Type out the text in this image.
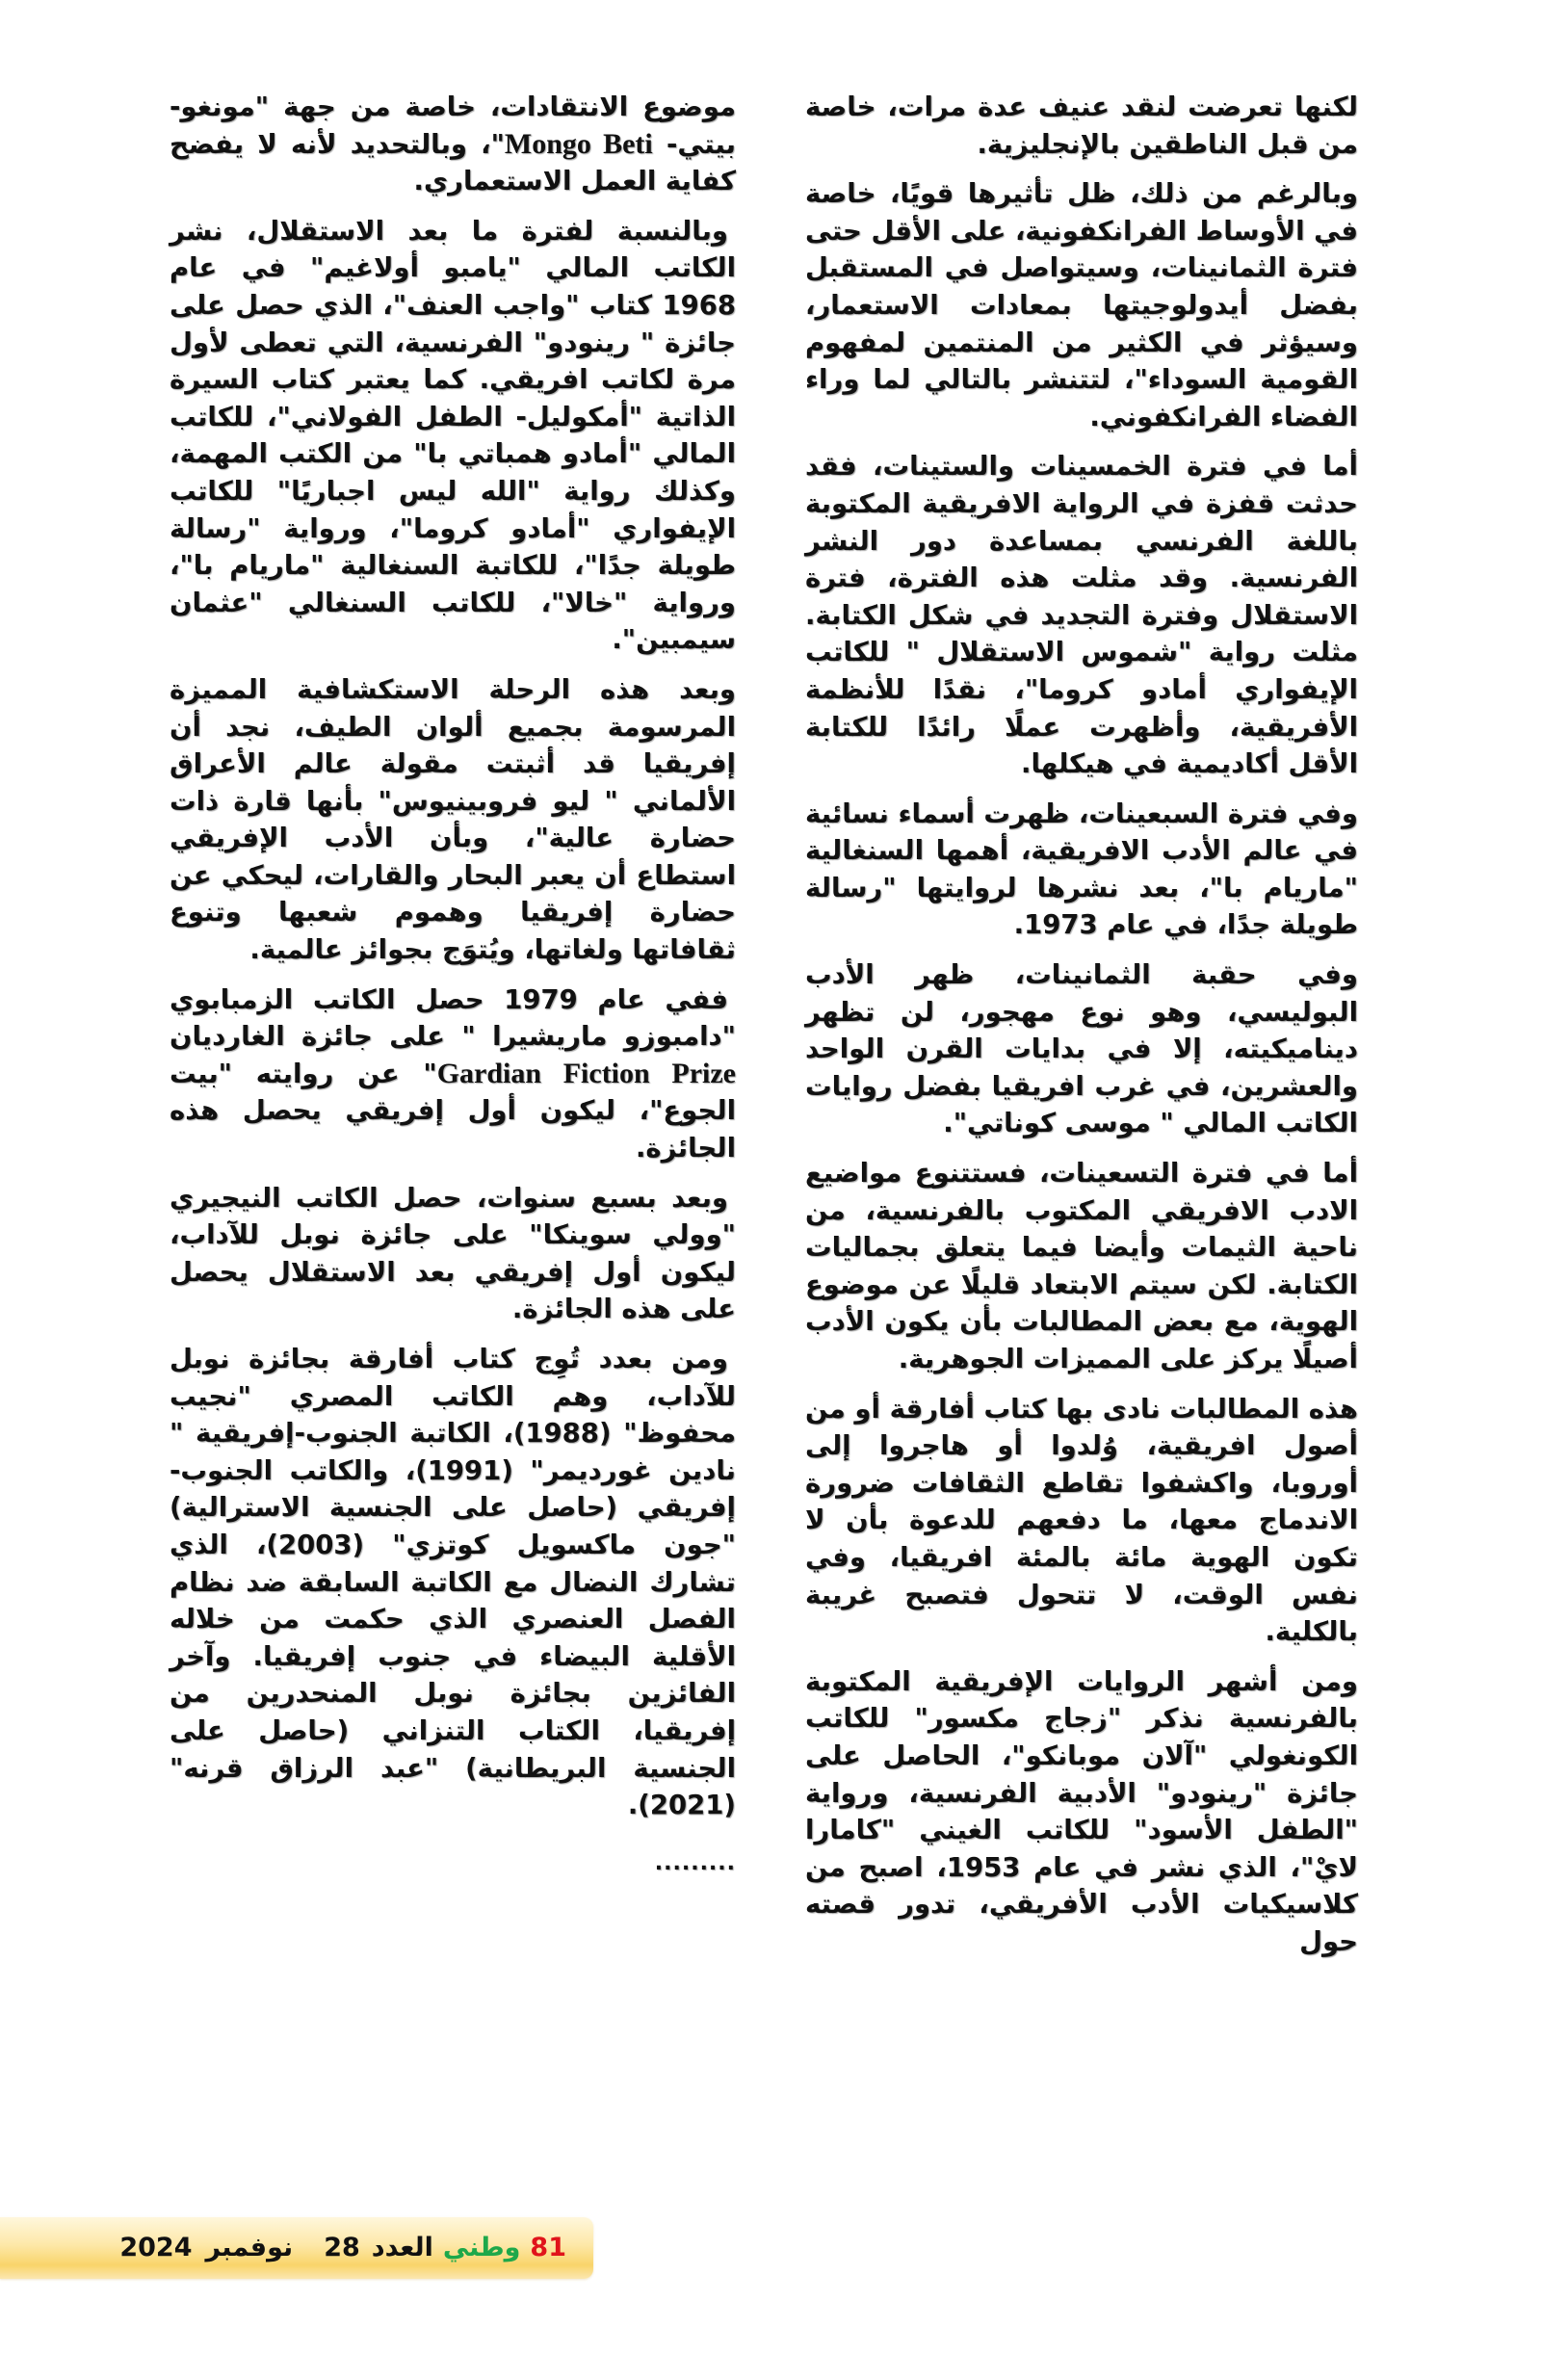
لكنها تعرضت لنقد عنيف عدة مرات، خاصة من قبل الناطقين بالإنجليزية.

وبالرغم من ذلك، ظل تأثيرها قويًا، خاصة في الأوساط الفرانكفونية، على الأقل حتى فترة الثمانينات، وسيتواصل في المستقبل بفضل أيدولوجيتها بمعادات الاستعمار، وسيؤثر في الكثير من المنتمين لمفهوم القومية السوداء"، لتتنشر بالتالي لما وراء الفضاء الفرانكفوني.

أما في فترة الخمسينات والستينات، فقد حدثت قفزة في الرواية الافريقية المكتوبة باللغة الفرنسي بمساعدة دور النشر الفرنسية. وقد مثلت هذه الفترة، فترة الاستقلال وفترة التجديد في شكل الكتابة. مثلت رواية "شموس الاستقلال " للكاتب الإيفواري أمادو كروما"، نقدًا للأنظمة الأفريقية، وأظهرت عملًا رائدًا للكتابة الأقل أكاديمية في هيكلها.

وفي فترة السبعينات، ظهرت أسماء نسائية في عالم الأدب الافريقية، أهمها السنغالية "ماريام با"، بعد نشرها لروايتها "رسالة طويلة جدًا، في عام 1973.

وفي حقبة الثمانينات، ظهر الأدب البوليسي، وهو نوع مهجور، لن تظهر ديناميكيته، إلا في بدايات القرن الواحد والعشرين، في غرب افريقيا بفضل روايات الكاتب المالي " موسى كوناتي".

أما في فترة التسعينات، فستتنوع مواضيع الادب الافريقي المكتوب بالفرنسية، من ناحية الثيمات وأيضا فيما يتعلق بجماليات الكتابة. لكن سيتم الابتعاد قليلًا عن موضوع الهوية، مع بعض المطالبات بأن يكون الأدب أصيلًا يركز على المميزات الجوهرية.

هذه المطالبات نادى بها كتاب أفارقة أو من أصول افريقية، وُلدوا أو هاجروا إلى أوروبا، واكشفوا تقاطع الثقافات ضرورة الاندماج معها، ما دفعهم للدعوة بأن لا تكون الهوية مائة بالمئة افريقيا، وفي نفس الوقت، لا تتحول فتصبح غريبة بالكلية.

ومن أشهر الروايات الإفريقية المكتوبة بالفرنسية نذكر "زجاج مكسور" للكاتب الكونغولي "آلان موبانكو"، الحاصل على جائزة "رينودو" الأدبية الفرنسية، ورواية "الطفل الأسود" للكاتب الغيني "كامارا لايْ"، الذي نشر في عام 1953، اصبح من كلاسيكيات الأدب الأفريقي، تدور قصته حول

موضوع الانتقادات، خاصة من جهة "مونغو-بيتي- Mongo Beti"، وبالتحديد لأنه لا يفضح كفاية العمل الاستعماري.

وبالنسبة لفترة ما بعد الاستقلال، نشر الكاتب المالي "يامبو أولاغيم" في عام 1968 كتاب "واجب العنف"، الذي حصل على جائزة " رينودو" الفرنسية، التي تعطى لأول مرة لكاتب افريقي. كما يعتبر كتاب السيرة الذاتية "أمكوليل- الطفل الفولاني"، للكاتب المالي "أمادو همباتي با" من الكتب المهمة، وكذلك رواية "الله ليس اجباريًا" للكاتب الإيفواري "أمادو كروما"، ورواية "رسالة طويلة جدًا"، للكاتبة السنغالية "ماريام با"، ورواية "خالا"، للكاتب السنغالي "عثمان سيمبين".

وبعد هذه الرحلة الاستكشافية المميزة المرسومة بجميع ألوان الطيف، نجد أن إفريقيا قد أثبتت مقولة عالم الأعراق الألماني " ليو فروبينيوس" بأنها قارة ذات حضارة عالية"، وبأن الأدب الإفريقي استطاع أن يعبر البحار والقارات، ليحكي عن حضارة إفريقيا وهموم شعبها وتنوع ثقافاتها ولغاتها، ويُتوَج بجوائز عالمية.

ففي عام 1979 حصل الكاتب الزمبابوي "دامبوزو ماريشيرا " على جائزة الغارديان Gardian Fiction Prize" عن روايته "بيت الجوع"، ليكون أول إفريقي يحصل هذه الجائزة.

وبعد بسبع سنوات، حصل الكاتب النيجيري "وولي سوينكا" على جائزة نوبل للآداب، ليكون أول إفريقي بعد الاستقلال يحصل على هذه الجائزة.

ومن بعدد تُوِج كتاب أفارقة بجائزة نوبل للآداب، وهم الكاتب المصري "نجيب محفوظ" (1988)، الكاتبة الجنوب-إفريقية " نادين غورديمر" (1991)، والكاتب الجنوب-إفريقي (حاصل على الجنسية الاسترالية) "جون ماكسويل كوتزي" (2003)، الذي تشارك النضال مع الكاتبة السابقة ضد نظام الفصل العنصري الذي حكمت من خلاله الأقلية البيضاء في جنوب إفريقيا. وآخر الفائزين بجائزة نوبل المنحدرين من إفريقيا، الكتاب التنزاني (حاصل على الجنسية البريطانية) "عبد الرزاق قرنه" (2021).

.........
81وطنيالعدد28نوفمبر2024
